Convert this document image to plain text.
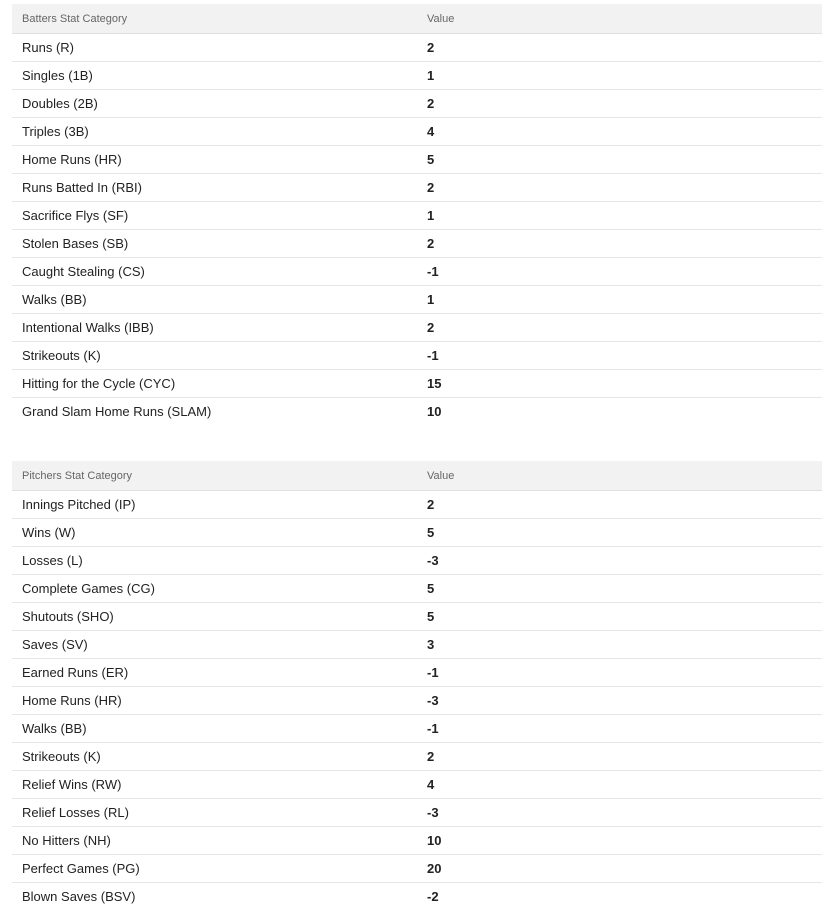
Batters Stat Category	Value
Runs (R)	2
Singles (1B)	1
Doubles (2B)	2
Triples (3B)	4
Home Runs (HR)	5
Runs Batted In (RBI)	2
Sacrifice Flys (SF)	1
Stolen Bases (SB)	2
Caught Stealing (CS)	-1
Walks (BB)	1
Intentional Walks (IBB)	2
Strikeouts (K)	-1
Hitting for the Cycle (CYC)	15
Grand Slam Home Runs (SLAM)	10
Pitchers Stat Category	Value
Innings Pitched (IP)	2
Wins (W)	5
Losses (L)	-3
Complete Games (CG)	5
Shutouts (SHO)	5
Saves (SV)	3
Earned Runs (ER)	-1
Home Runs (HR)	-3
Walks (BB)	-1
Strikeouts (K)	2
Relief Wins (RW)	4
Relief Losses (RL)	-3
No Hitters (NH)	10
Perfect Games (PG)	20
Blown Saves (BSV)	-2
